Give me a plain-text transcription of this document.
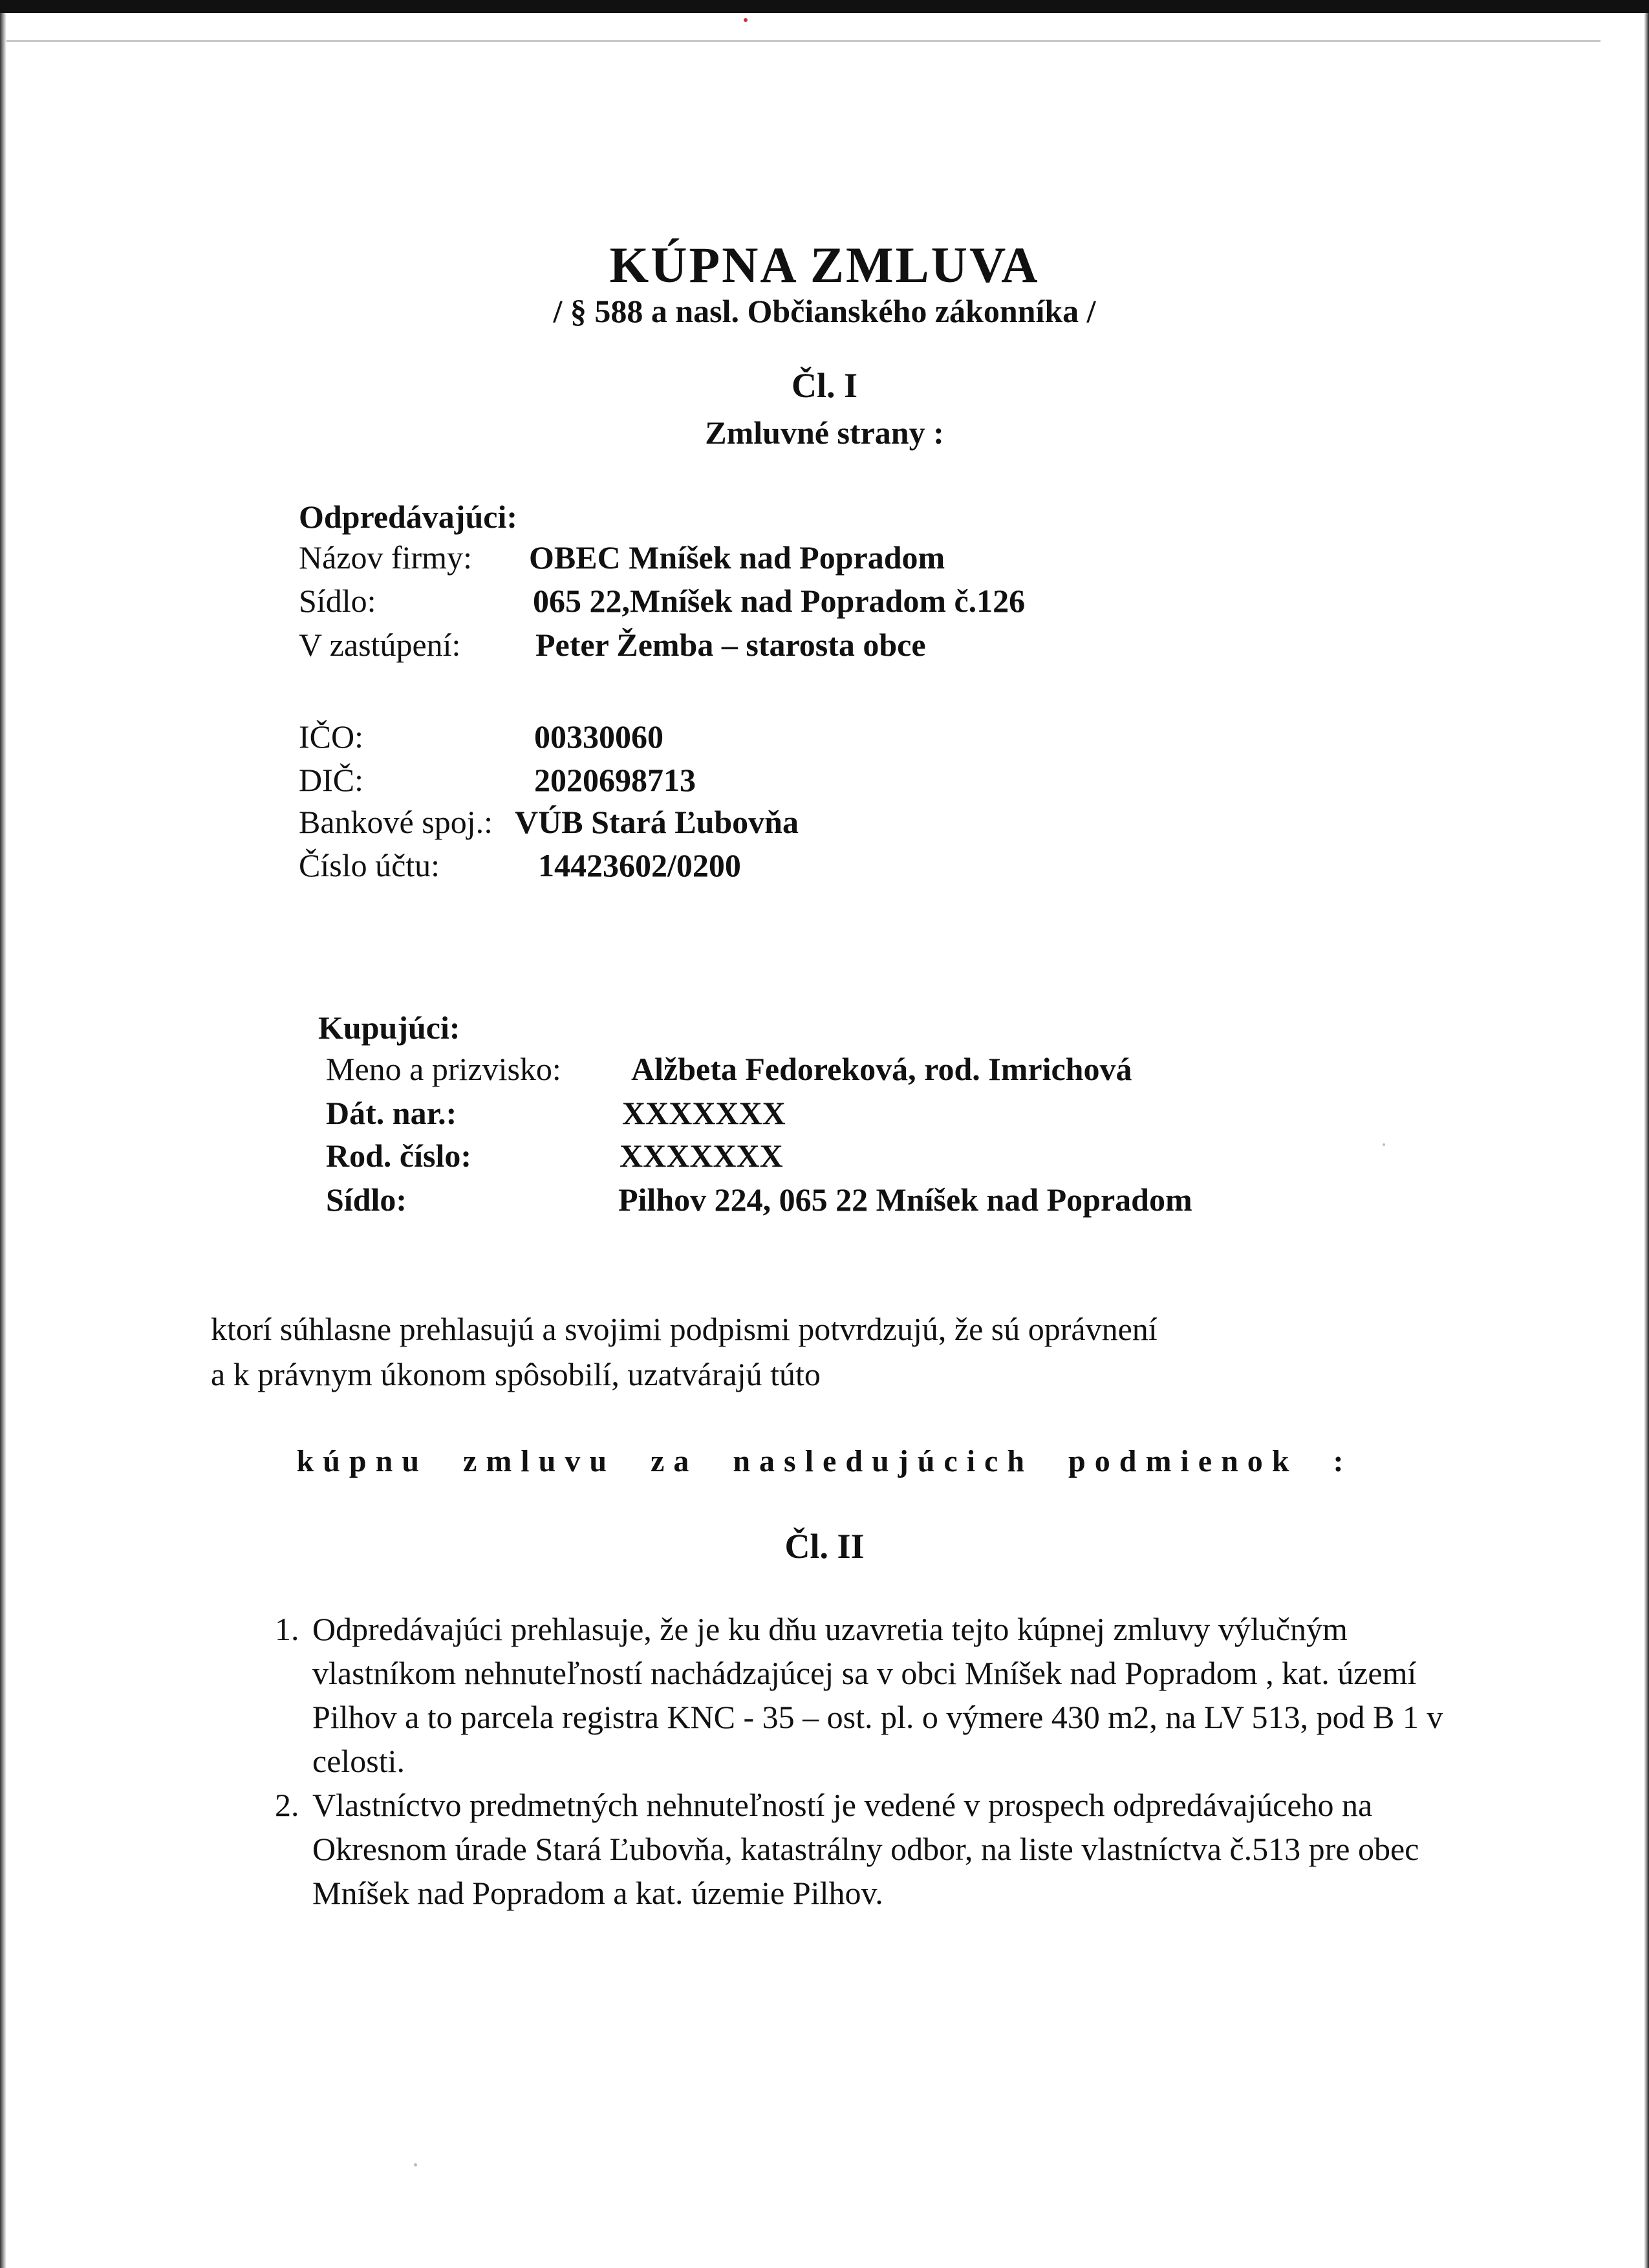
KÚPNA ZMLUVA
/ § 588 a nasl. Občianského zákonníka /
Čl. I
Zmluvné strany :
Odpredávajúci:
Názov firmy: OBEC Mníšek nad Popradom
Sídlo:	065 22,Mníšek nad Popradom č.126
V zastúpení: Peter Žemba – starosta obce
IČO:	00330060
DIČ:	2020698713
Bankové spoj.: VÚB Stará Ľubovňa
Číslo účtu:	14423602/0200
Kupujúci:
Meno a prizvisko: Alžbeta Fedoreková, rod. Imrichová
Dát. nar.:	XXXXXXX
Rod. číslo:	XXXXXXX
Sídlo:	Pilhov 224, 065 22 Mníšek nad Popradom
ktorí súhlasne prehlasujú a svojimi podpismi potvrdzujú, že sú oprávnení
a k právnym úkonom spôsobilí, uzatvárajú túto
kúpnu zmluvu za nasledujúcich podmienok :
Čl. II
1. Odpredávajúci prehlasuje, že je ku dňu uzavretia tejto kúpnej zmluvy výlučným vlastníkom nehnuteľností nachádzajúcej sa v obci Mníšek nad Popradom , kat. území Pilhov a to parcela registra KNC - 35 – ost. pl. o výmere 430 m2, na LV 513, pod B 1 v celosti.
2. Vlastníctvo predmetných nehnuteľností je vedené v prospech odpredávajúceho na Okresnom úrade Stará Ľubovňa, katastrálny odbor, na liste vlastníctva č.513 pre obec Mníšek nad Popradom a kat. územie Pilhov.
